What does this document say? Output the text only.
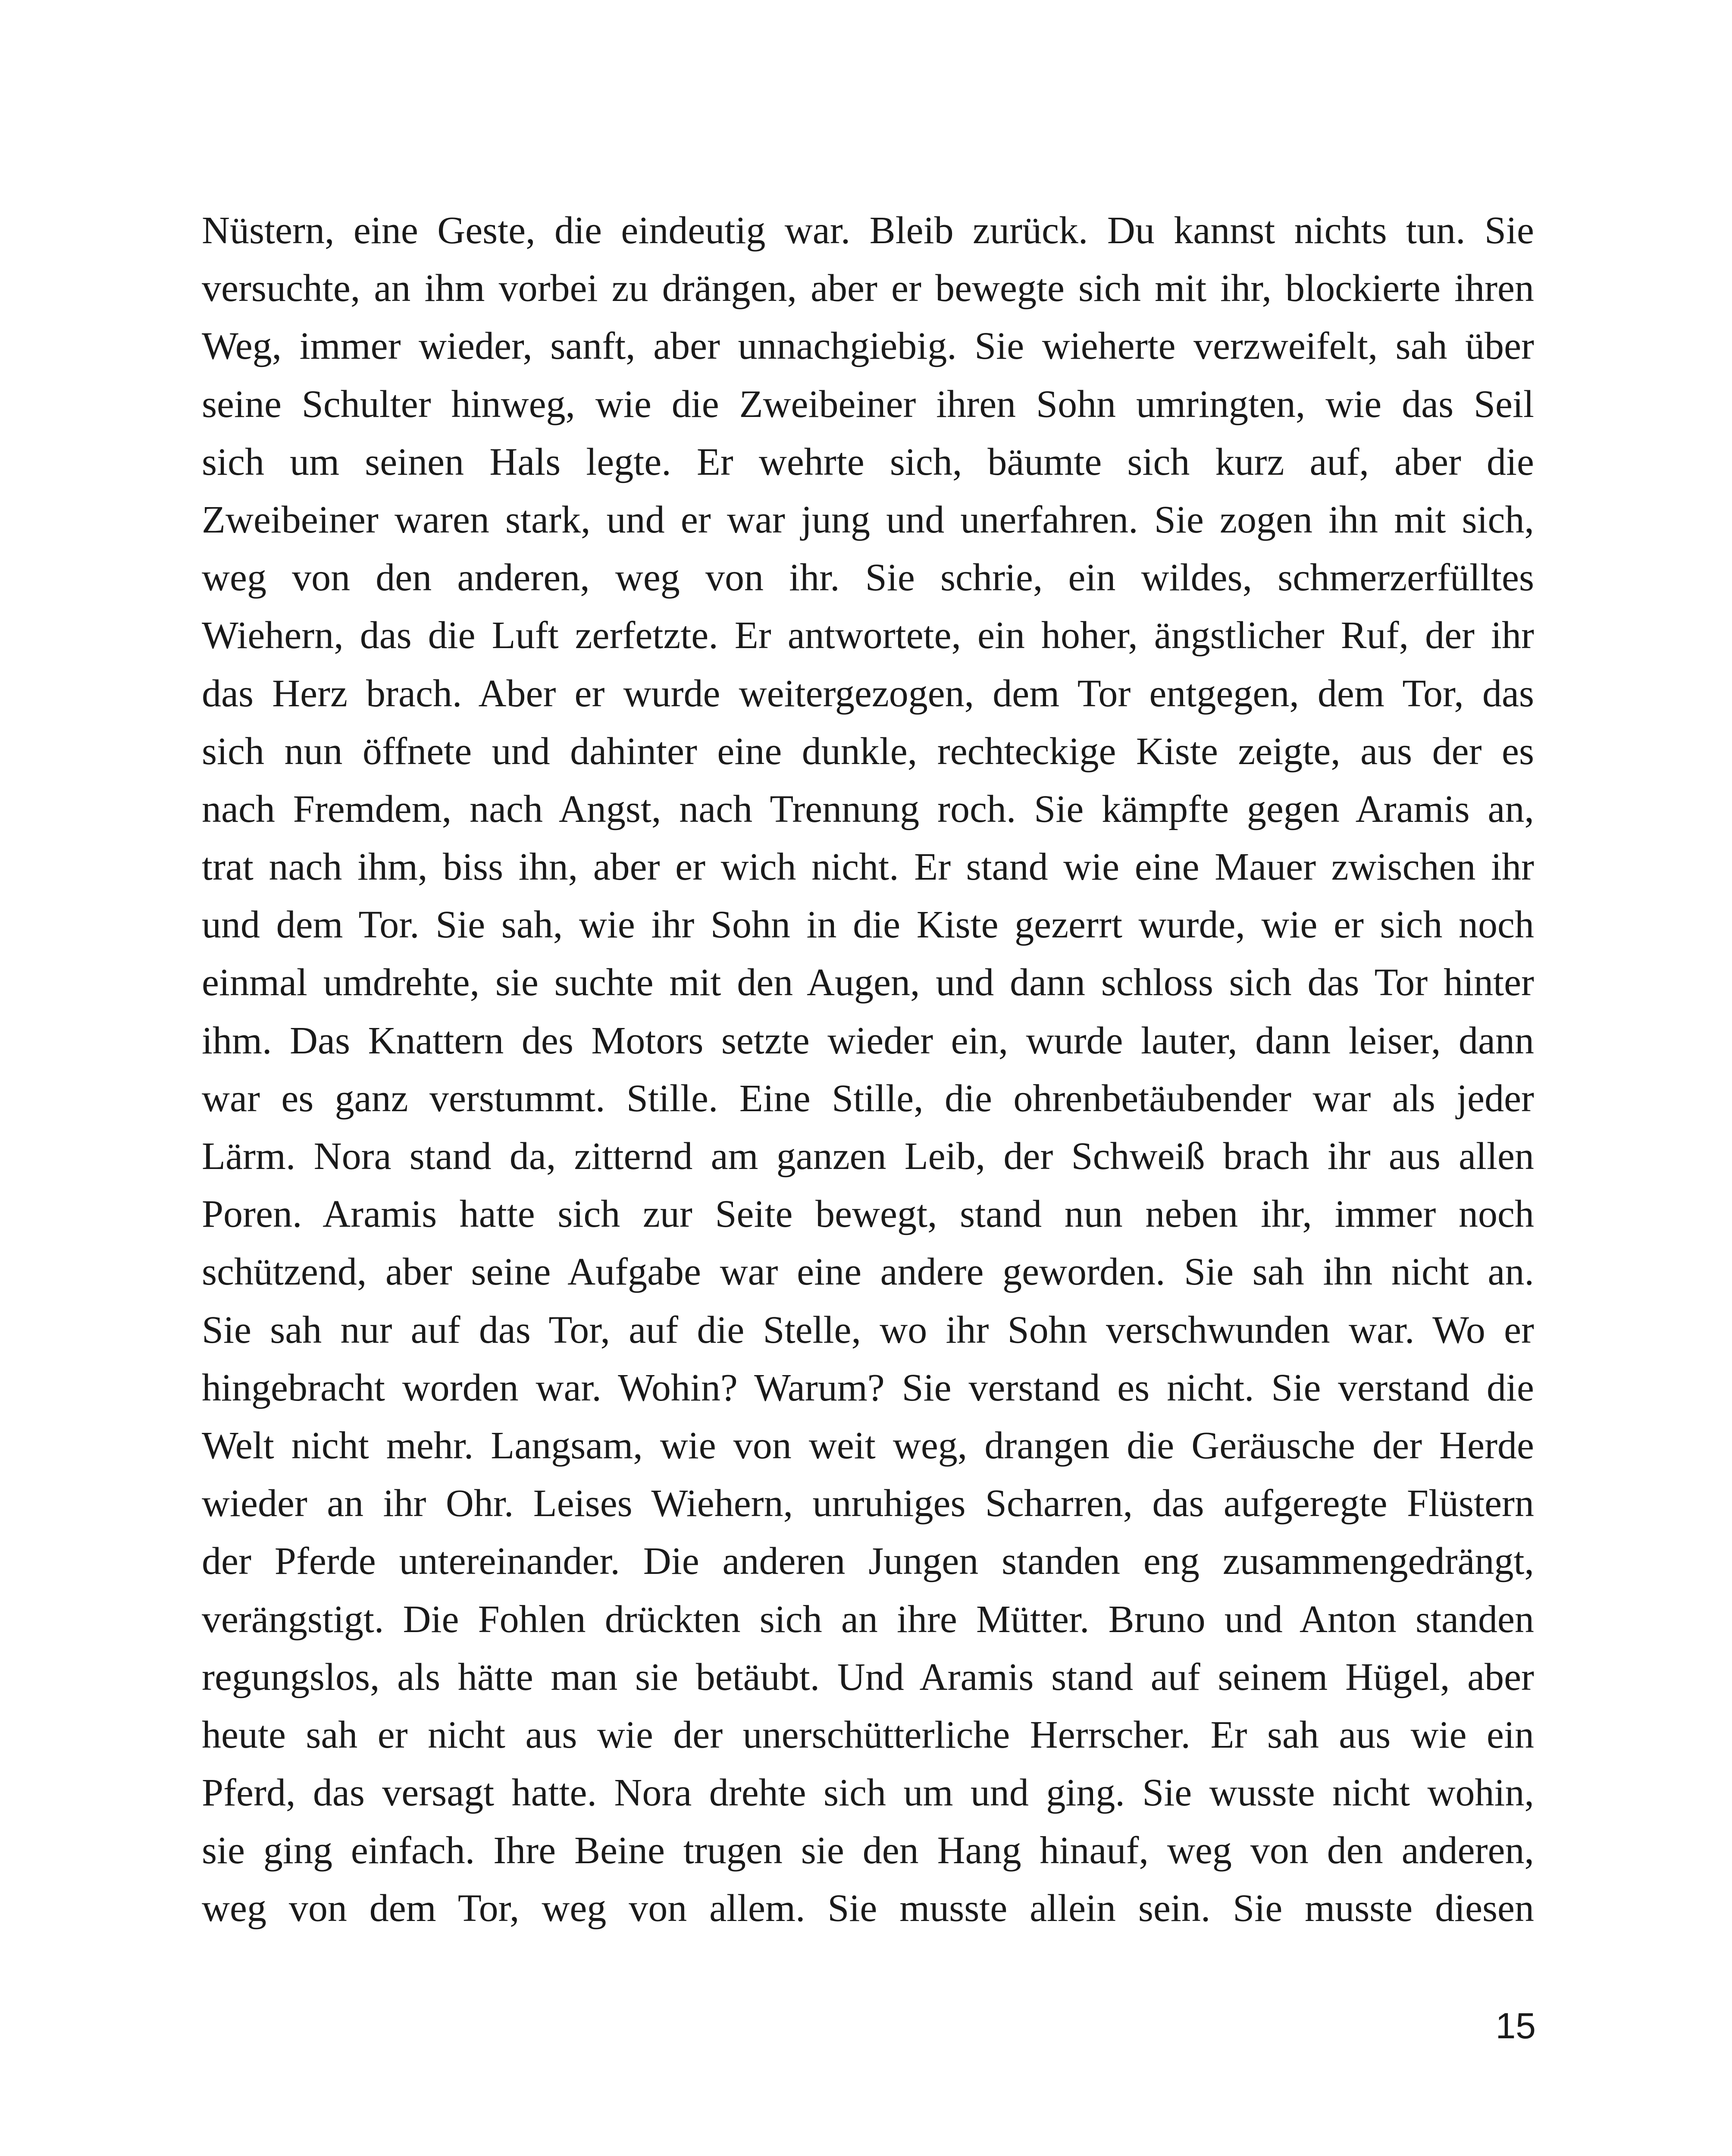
Nüstern, eine Geste, die eindeutig war. Bleib zurück. Du kannst nichts tun. Sie
versuchte, an ihm vorbei zu drängen, aber er bewegte sich mit ihr, blockierte ihren
Weg, immer wieder, sanft, aber unnachgiebig. Sie wieherte verzweifelt, sah über
seine Schulter hinweg, wie die Zweibeiner ihren Sohn umringten, wie das Seil
sich um seinen Hals legte. Er wehrte sich, bäumte sich kurz auf, aber die
Zweibeiner waren stark, und er war jung und unerfahren. Sie zogen ihn mit sich,
weg von den anderen, weg von ihr. Sie schrie, ein wildes, schmerzerfülltes
Wiehern, das die Luft zerfetzte. Er antwortete, ein hoher, ängstlicher Ruf, der ihr
das Herz brach. Aber er wurde weitergezogen, dem Tor entgegen, dem Tor, das
sich nun öffnete und dahinter eine dunkle, rechteckige Kiste zeigte, aus der es
nach Fremdem, nach Angst, nach Trennung roch. Sie kämpfte gegen Aramis an,
trat nach ihm, biss ihn, aber er wich nicht. Er stand wie eine Mauer zwischen ihr
und dem Tor. Sie sah, wie ihr Sohn in die Kiste gezerrt wurde, wie er sich noch
einmal umdrehte, sie suchte mit den Augen, und dann schloss sich das Tor hinter
ihm. Das Knattern des Motors setzte wieder ein, wurde lauter, dann leiser, dann
war es ganz verstummt. Stille. Eine Stille, die ohrenbetäubender war als jeder
Lärm. Nora stand da, zitternd am ganzen Leib, der Schweiß brach ihr aus allen
Poren. Aramis hatte sich zur Seite bewegt, stand nun neben ihr, immer noch
schützend, aber seine Aufgabe war eine andere geworden. Sie sah ihn nicht an.
Sie sah nur auf das Tor, auf die Stelle, wo ihr Sohn verschwunden war. Wo er
hingebracht worden war. Wohin? Warum? Sie verstand es nicht. Sie verstand die
Welt nicht mehr. Langsam, wie von weit weg, drangen die Geräusche der Herde
wieder an ihr Ohr. Leises Wiehern, unruhiges Scharren, das aufgeregte Flüstern
der Pferde untereinander. Die anderen Jungen standen eng zusammengedrängt,
verängstigt. Die Fohlen drückten sich an ihre Mütter. Bruno und Anton standen
regungslos, als hätte man sie betäubt. Und Aramis stand auf seinem Hügel, aber
heute sah er nicht aus wie der unerschütterliche Herrscher. Er sah aus wie ein
Pferd, das versagt hatte. Nora drehte sich um und ging. Sie wusste nicht wohin,
sie ging einfach. Ihre Beine trugen sie den Hang hinauf, weg von den anderen,
weg von dem Tor, weg von allem. Sie musste allein sein. Sie musste diesen
15
